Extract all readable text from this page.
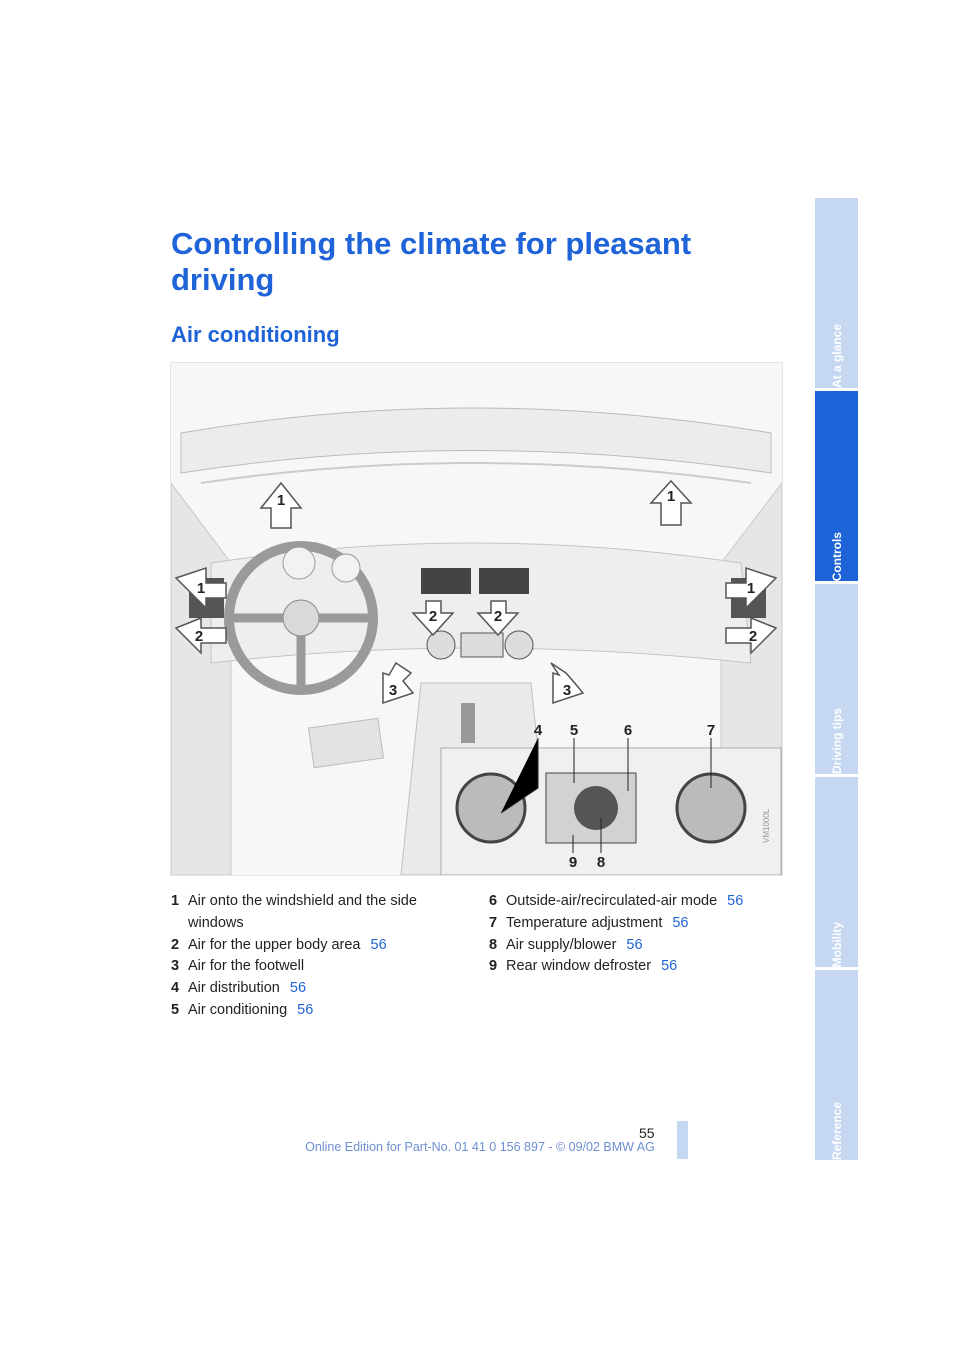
Controlling the climate for pleasant driving
Air conditioning
1	1
1	1
2	2
2	2
3	3
4 5	6	7
8
9
VM1000L
1 Air onto the windshield and the side windows
2 Air for the upper body area 56
3 Air for the footwell
4 Air distribution 56
5 Air conditioning 56
6 Outside-air/recirculated-air mode 56
7 Temperature adjustment 56
8 Air supply/blower 56
9 Rear window defroster 56
At a glance
Controls
Driving tips
Mobility
Reference
55
Online Edition for Part-No. 01 41 0 156 897 - © 09/02 BMW AG
